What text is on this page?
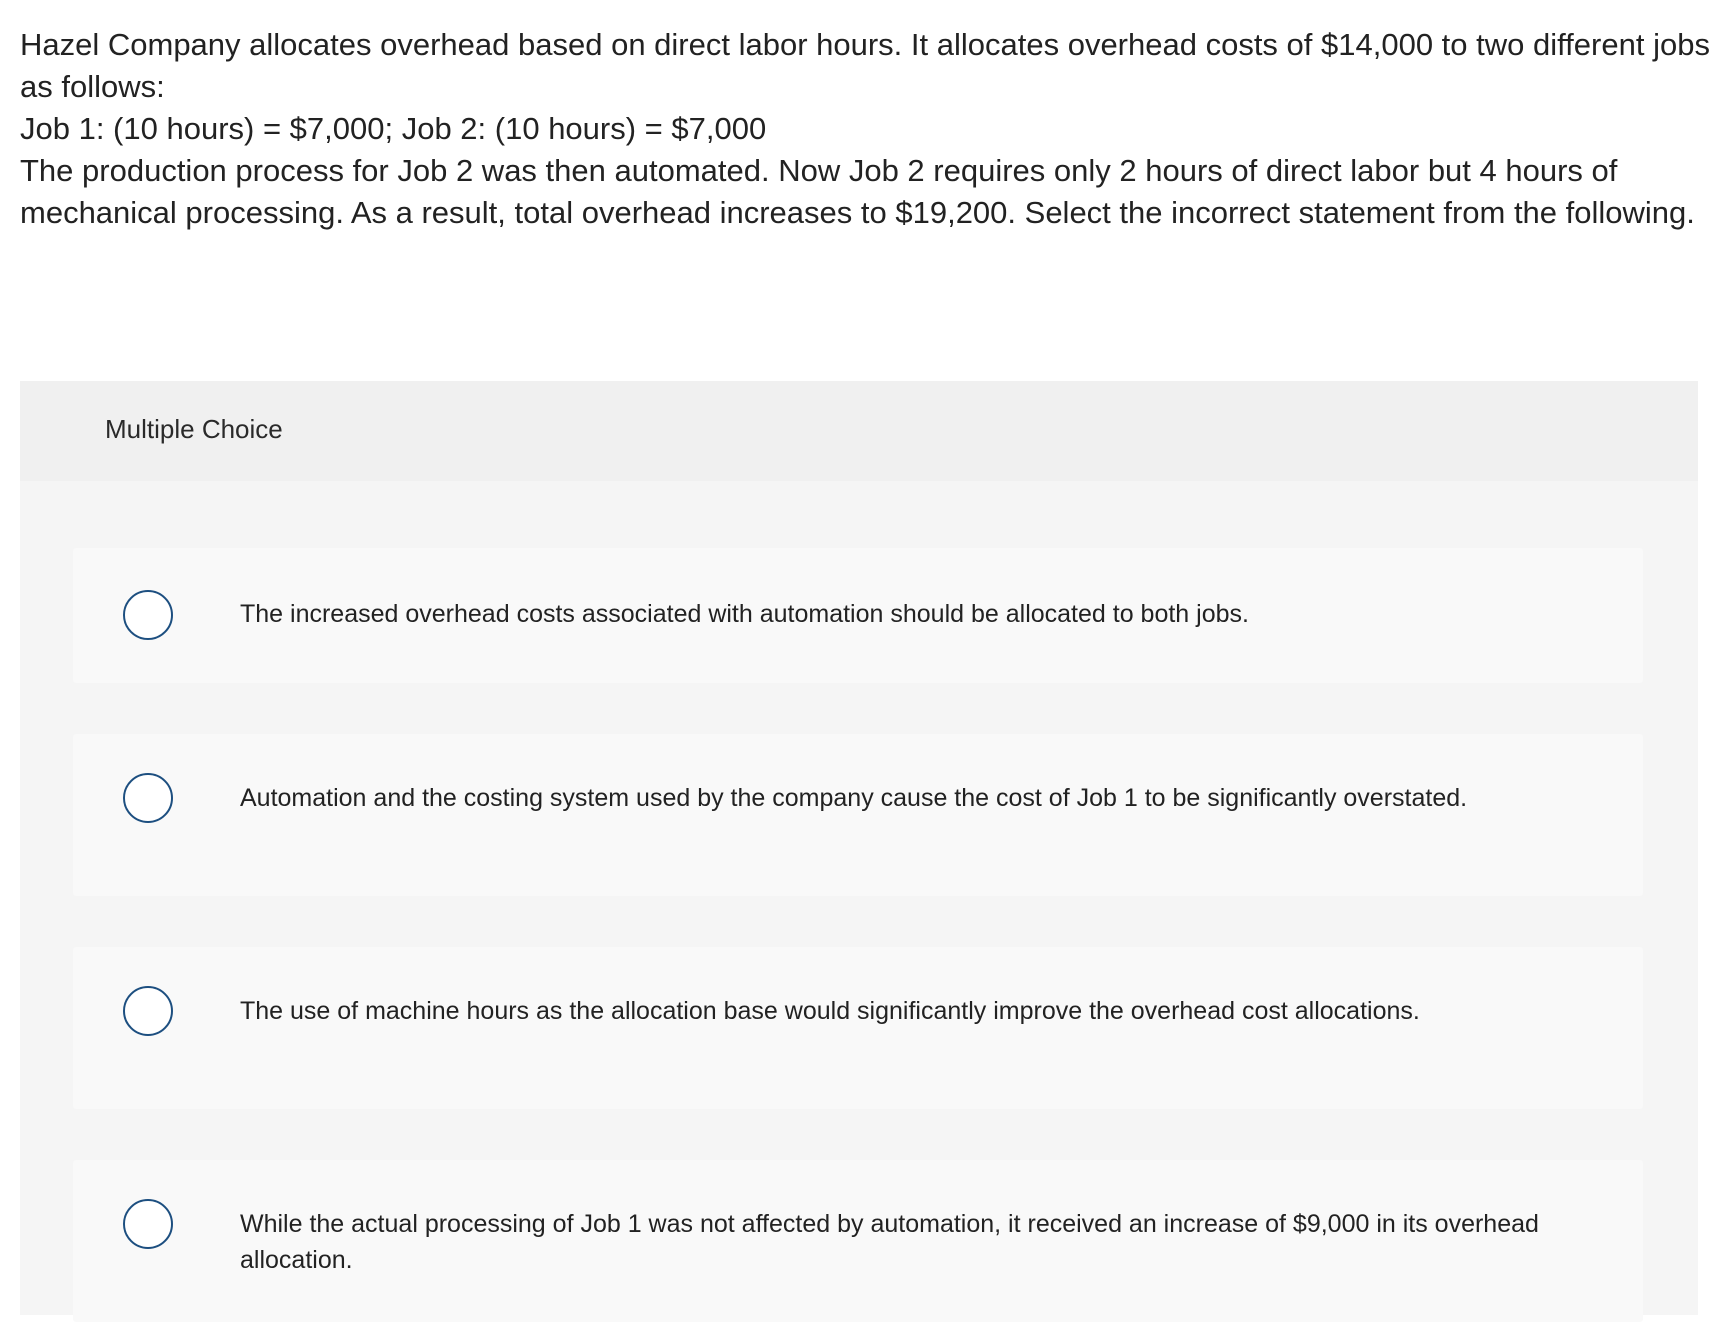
Hazel Company allocates overhead based on direct labor hours. It allocates overhead costs of $14,000 to two different jobs as follows:

Job 1: (10 hours) = $7,000; Job 2: (10 hours) = $7,000

The production process for Job 2 was then automated. Now Job 2 requires only 2 hours of direct labor but 4 hours of mechanical processing. As a result, total overhead increases to $19,200. Select the incorrect statement from the following.

Multiple Choice
The increased overhead costs associated with automation should be allocated to both jobs.
Automation and the costing system used by the company cause the cost of Job 1 to be significantly overstated.
The use of machine hours as the allocation base would significantly improve the overhead cost allocations.
While the actual processing of Job 1 was not affected by automation, it received an increase of $9,000 in its overhead allocation.
